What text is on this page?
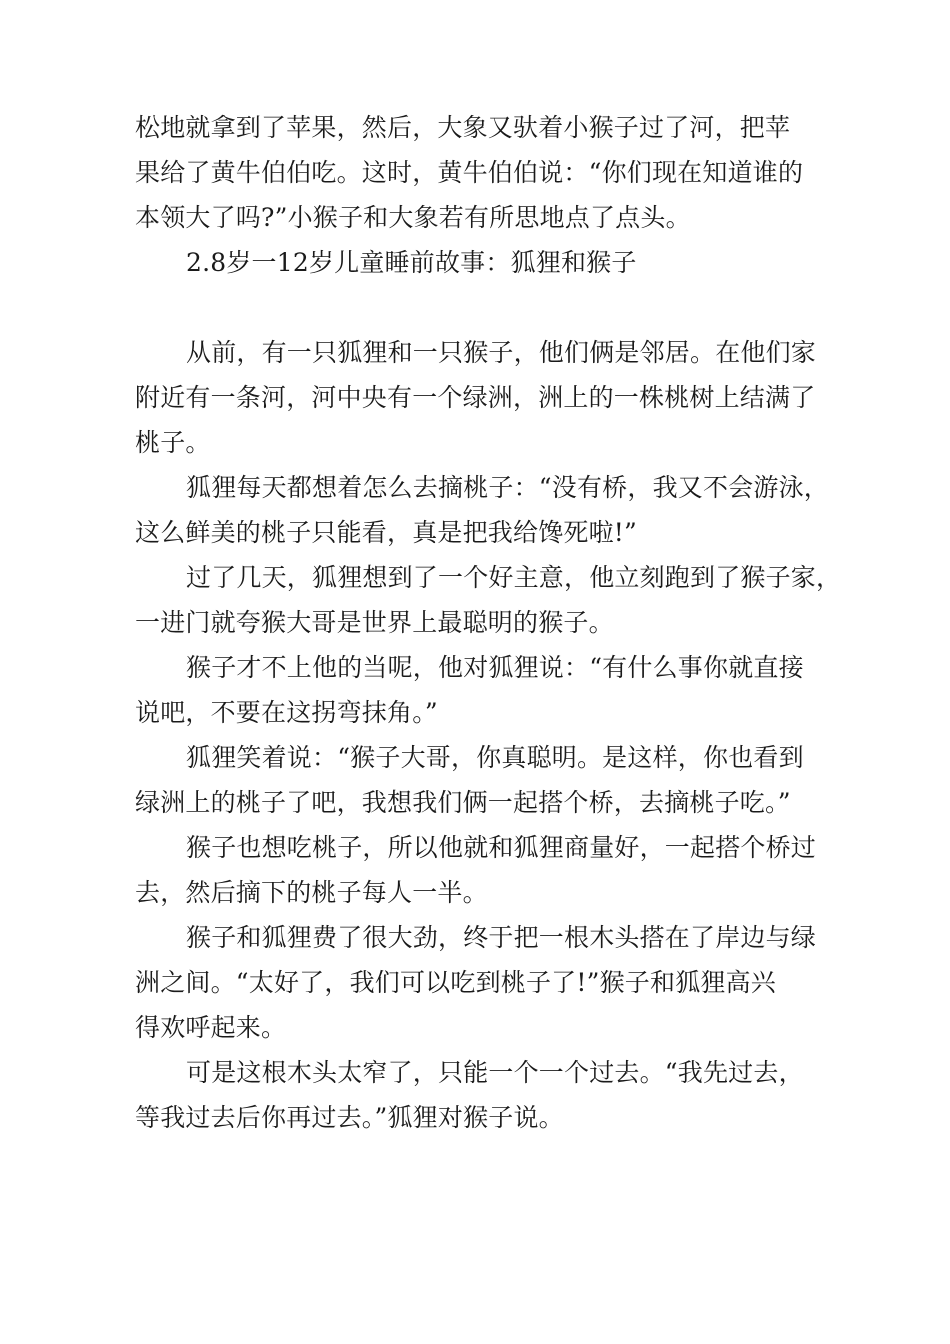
松地就拿到了苹果，然后，大象又驮着小猴子过了河，把苹
果给了黄牛伯伯吃。这时，黄牛伯伯说：“你们现在知道谁的
本领大了吗?”小猴子和大象若有所思地点了点头。
2.8岁一12岁儿童睡前故事：狐狸和猴子
从前，有一只狐狸和一只猴子，他们俩是邻居。在他们家
附近有一条河，河中央有一个绿洲，洲上的一株桃树上结满了
桃子。
狐狸每天都想着怎么去摘桃子：“没有桥，我又不会游泳，
这么鲜美的桃子只能看，真是把我给馋死啦!”
过了几天，狐狸想到了一个好主意，他立刻跑到了猴子家，
一进门就夸猴大哥是世界上最聪明的猴子。
猴子才不上他的当呢，他对狐狸说：“有什么事你就直接
说吧，不要在这拐弯抹角。”
狐狸笑着说：“猴子大哥，你真聪明。是这样，你也看到
绿洲上的桃子了吧，我想我们俩一起搭个桥，去摘桃子吃。”
猴子也想吃桃子，所以他就和狐狸商量好，一起搭个桥过
去，然后摘下的桃子每人一半。
猴子和狐狸费了很大劲，终于把一根木头搭在了岸边与绿
洲之间。“太好了，我们可以吃到桃子了!”猴子和狐狸高兴
得欢呼起来。
可是这根木头太窄了，只能一个一个过去。“我先过去，
等我过去后你再过去。”狐狸对猴子说。
